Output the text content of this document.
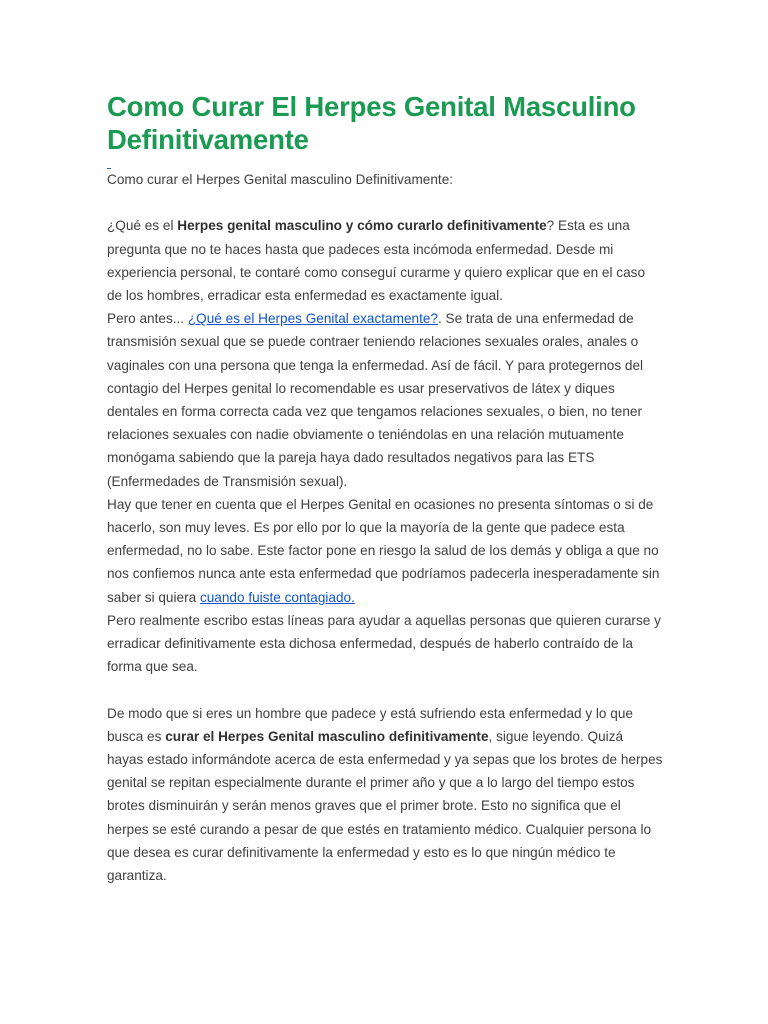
Como Curar El Herpes Genital Masculino Definitivamente

Como curar el Herpes Genital masculino Definitivamente:

¿Qué es el Herpes genital masculino y cómo curarlo definitivamente? Esta es una pregunta que no te haces hasta que padeces esta incómoda enfermedad. Desde mi experiencia personal, te contaré como conseguí curarme y quiero explicar que en el caso de los hombres, erradicar esta enfermedad es exactamente igual.

Pero antes... ¿Qué es el Herpes Genital exactamente?. Se trata de una enfermedad de transmisión sexual que se puede contraer teniendo relaciones sexuales orales, anales o vaginales con una persona que tenga la enfermedad. Así de fácil. Y para protegernos del contagio del Herpes genital lo recomendable es usar preservativos de látex y diques dentales en forma correcta cada vez que tengamos relaciones sexuales, o bien, no tener relaciones sexuales con nadie obviamente o teniéndolas en una relación mutuamente monógama sabiendo que la pareja haya dado resultados negativos para las ETS (Enfermedades de Transmisión sexual).

Hay que tener en cuenta que el Herpes Genital en ocasiones no presenta síntomas o si de hacerlo, son muy leves. Es por ello por lo que la mayoría de la gente que padece esta enfermedad, no lo sabe. Este factor pone en riesgo la salud de los demás y obliga a que no nos confiemos nunca ante esta enfermedad que podríamos padecerla inesperadamente sin saber si quiera cuando fuiste contagiado.

Pero realmente escribo estas líneas para ayudar a aquellas personas que quieren curarse y erradicar definitivamente esta dichosa enfermedad, después de haberlo contraído de la forma que sea.

De modo que si eres un hombre que padece y está sufriendo esta enfermedad y lo que busca es curar el Herpes Genital masculino definitivamente, sigue leyendo. Quizá hayas estado informándote acerca de esta enfermedad y ya sepas que los brotes de herpes genital se repitan especialmente durante el primer año y que a lo largo del tiempo estos brotes disminuirán y serán menos graves que el primer brote. Esto no significa que el herpes se esté curando a pesar de que estés en tratamiento médico. Cualquier persona lo que desea es curar definitivamente la enfermedad y esto es lo que ningún médico te garantiza.
